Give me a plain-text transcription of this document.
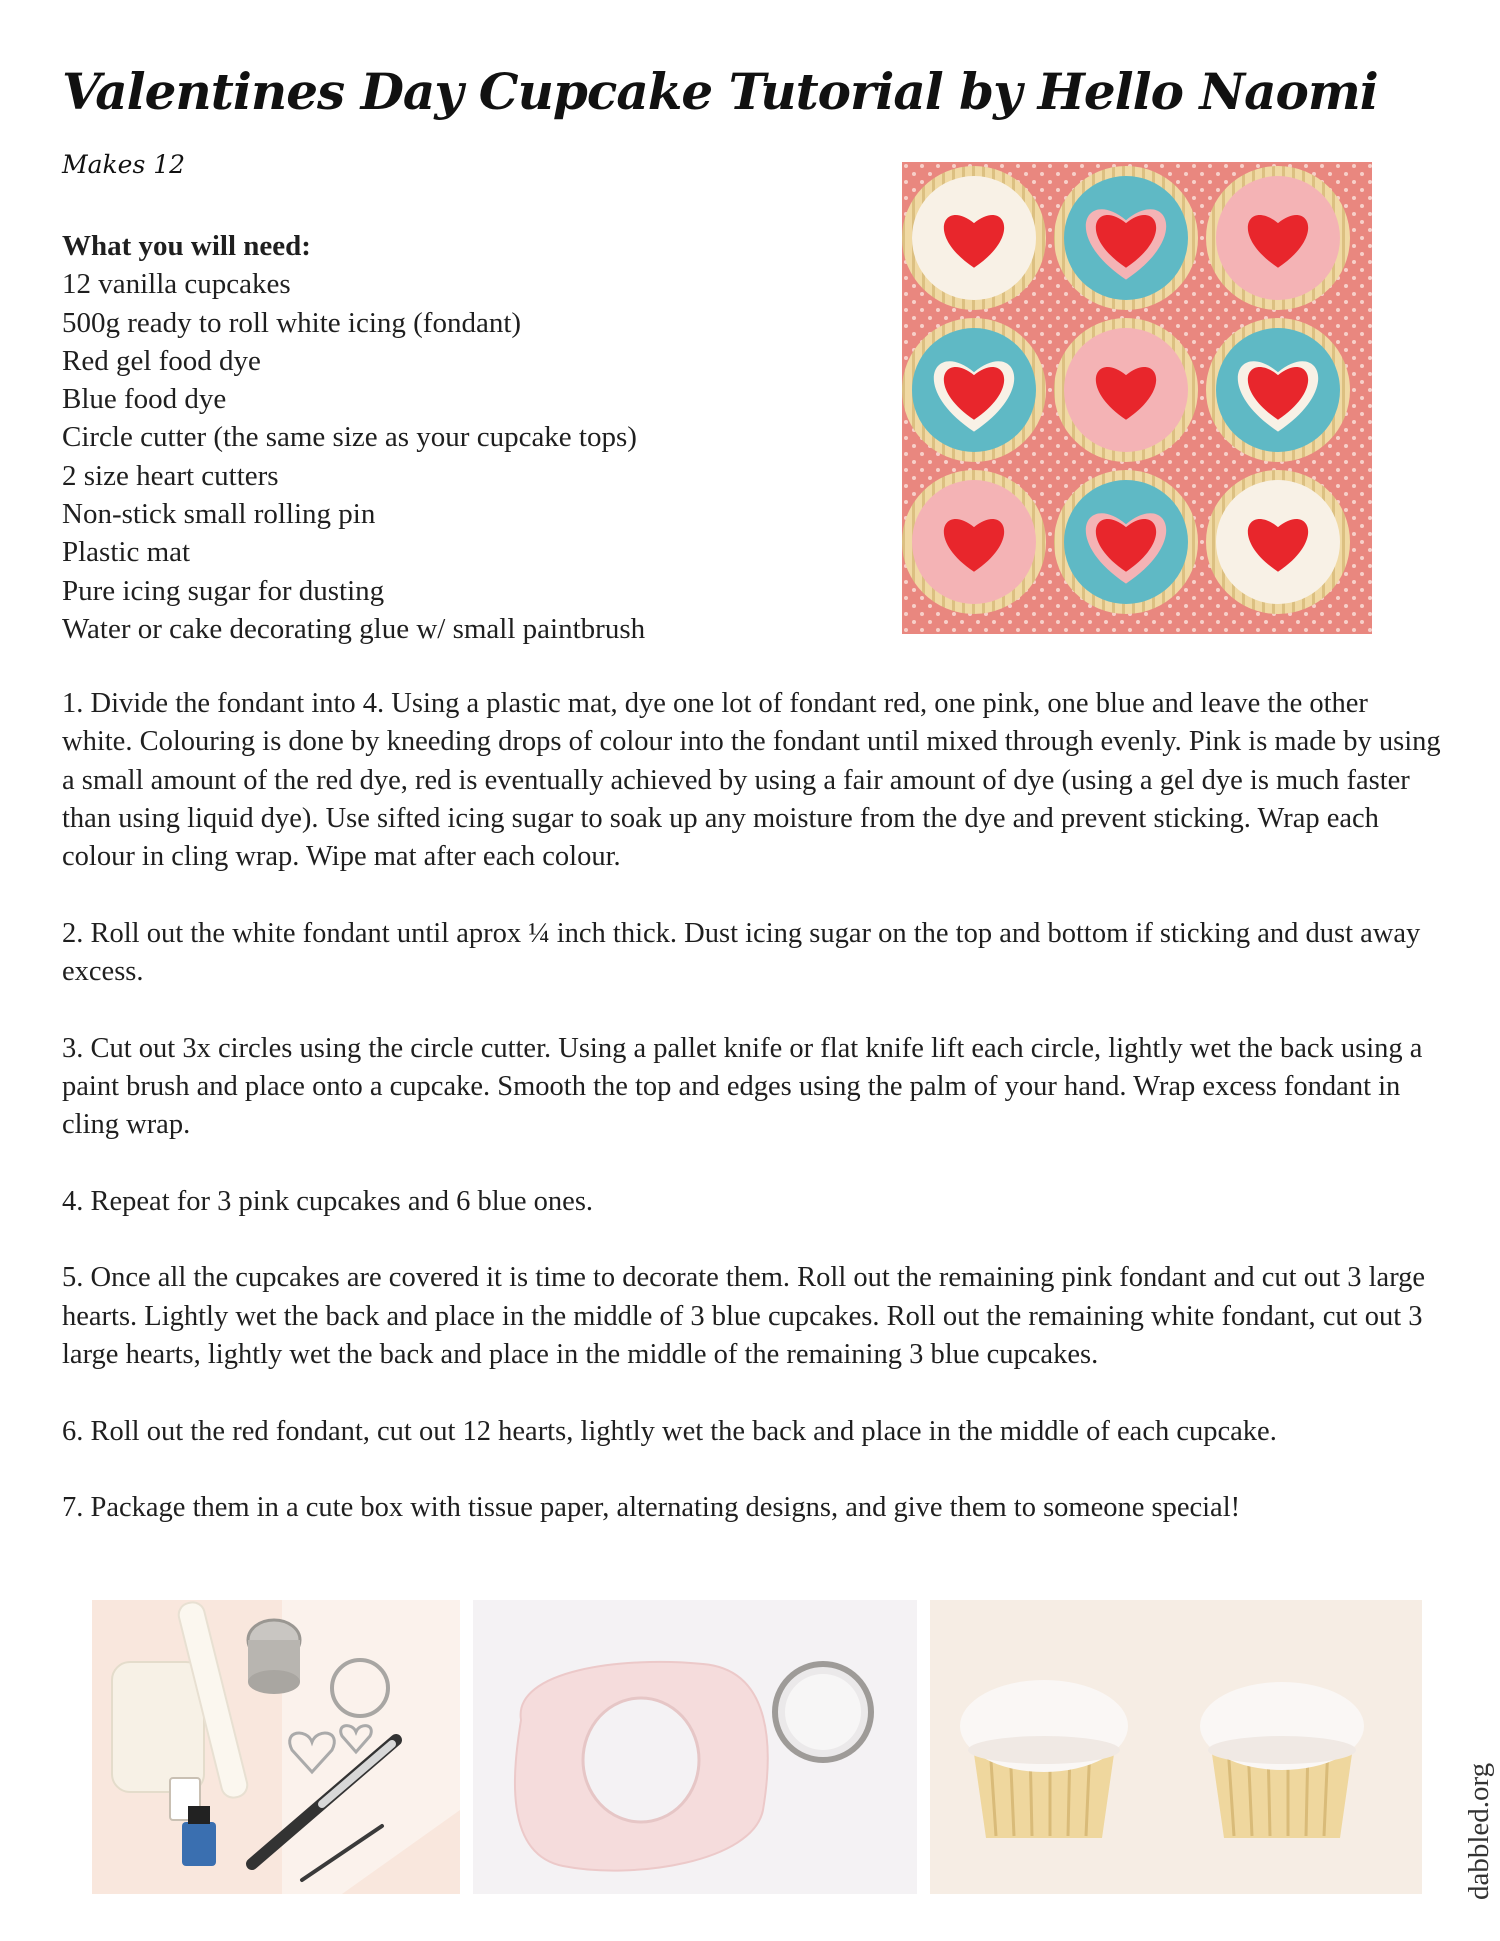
Valentines Day Cupcake Tutorial by Hello Naomi
Makes 12
What you will need:
12 vanilla cupcakes
500g ready to roll white icing (fondant)
Red gel food dye
Blue food dye
Circle cutter (the same size as your cupcake tops)
2 size heart cutters
Non-stick small rolling pin
Plastic mat
Pure icing sugar for dusting
Water or cake decorating glue w/ small paintbrush

1. Divide the fondant into 4. Using a plastic mat, dye one lot of fondant red, one pink, one blue and leave the other white. Colouring is done by kneeding drops of colour into the fondant until mixed through evenly. Pink is made by using a small amount of the red dye, red is eventually achieved by using a fair amount of dye (using a gel dye is much faster than using liquid dye). Use sifted icing sugar to soak up any moisture from the dye and prevent sticking. Wrap each colour in cling wrap. Wipe mat after each colour.

2. Roll out the white fondant until aprox ¼ inch thick. Dust icing sugar on the top and bottom if sticking and dust away excess.

3. Cut out 3x circles using the circle cutter. Using a pallet knife or flat knife lift each circle, lightly wet the back using a paint brush and place onto a cupcake. Smooth the top and edges using the palm of your hand. Wrap excess fondant in cling wrap.

4. Repeat for 3 pink cupcakes and 6 blue ones.

5. Once all the cupcakes are covered it is time to decorate them. Roll out the remaining pink fondant and cut out 3 large hearts. Lightly wet the back and place in the middle of 3 blue cupcakes. Roll out the remaining white fondant, cut out 3 large hearts, lightly wet the back and place in the middle of the remaining 3 blue cupcakes.

6. Roll out the red fondant, cut out 12 hearts, lightly wet the back and place in the middle of each cupcake.

7. Package them in a cute box with tissue paper, alternating designs, and give them to someone special!

dabbled.org
